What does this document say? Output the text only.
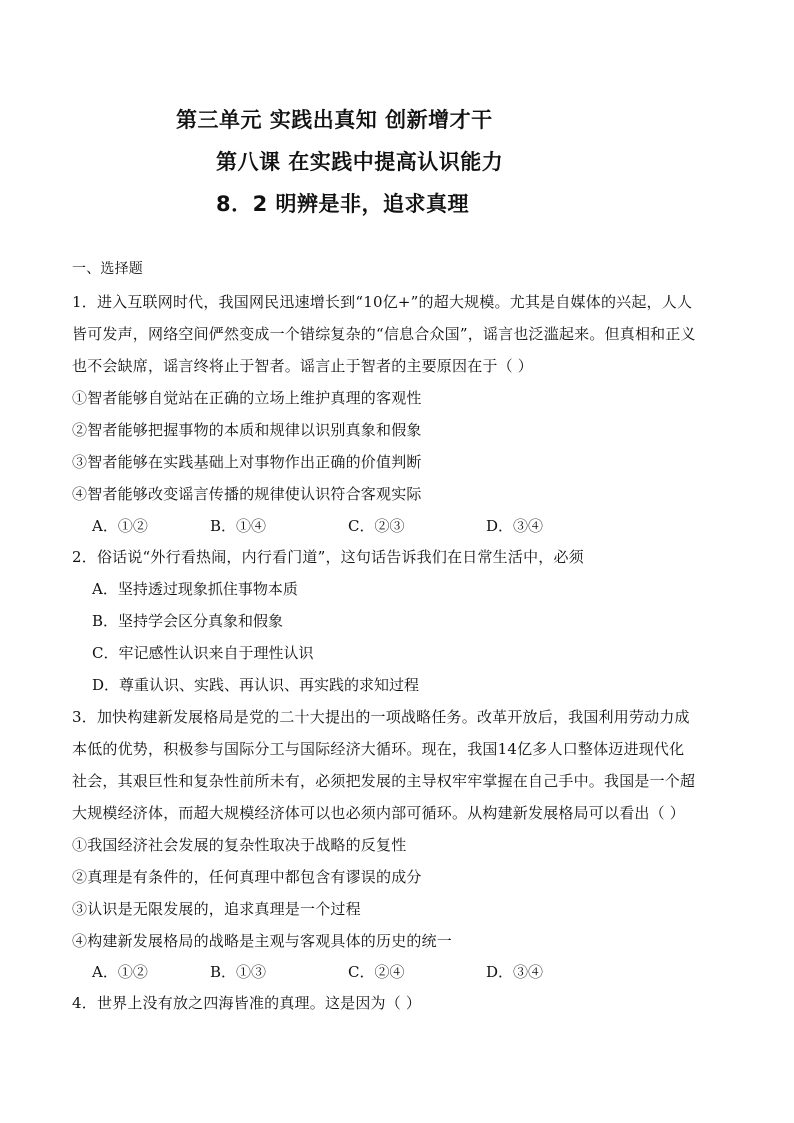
第三单元 实践出真知 创新增才干
第八课 在实践中提高认识能力
8．2 明辨是非，追求真理
一、选择题
1．进入互联网时代，我国网民迅速增长到“10亿+”的超大规模。尤其是自媒体的兴起，人人
皆可发声，网络空间俨然变成一个错综复杂的“信息合众国”，谣言也泛滥起来。但真相和正义
也不会缺席，谣言终将止于智者。谣言止于智者的主要原因在于（ ）
①智者能够自觉站在正确的立场上维护真理的客观性
②智者能够把握事物的本质和规律以识别真象和假象
③智者能够在实践基础上对事物作出正确的价值判断
④智者能够改变谣言传播的规律使认识符合客观实际
A．①②	B．①④	C．②③	D．③④
2．俗话说“外行看热闹，内行看门道”，这句话告诉我们在日常生活中，必须
A．坚持透过现象抓住事物本质
B．坚持学会区分真象和假象
C．牢记感性认识来自于理性认识
D．尊重认识、实践、再认识、再实践的求知过程
3．加快构建新发展格局是党的二十大提出的一项战略任务。改革开放后，我国利用劳动力成
本低的优势，积极参与国际分工与国际经济大循环。现在，我国14亿多人口整体迈进现代化
社会，其艰巨性和复杂性前所未有，必须把发展的主导权牢牢掌握在自己手中。我国是一个超
大规模经济体，而超大规模经济体可以也必须内部可循环。从构建新发展格局可以看出（ ）
①我国经济社会发展的复杂性取决于战略的反复性
②真理是有条件的，任何真理中都包含有谬误的成分
③认识是无限发展的，追求真理是一个过程
④构建新发展格局的战略是主观与客观具体的历史的统一
A．①②	B．①③	C．②④	D．③④
4．世界上没有放之四海皆准的真理。这是因为（ ）
